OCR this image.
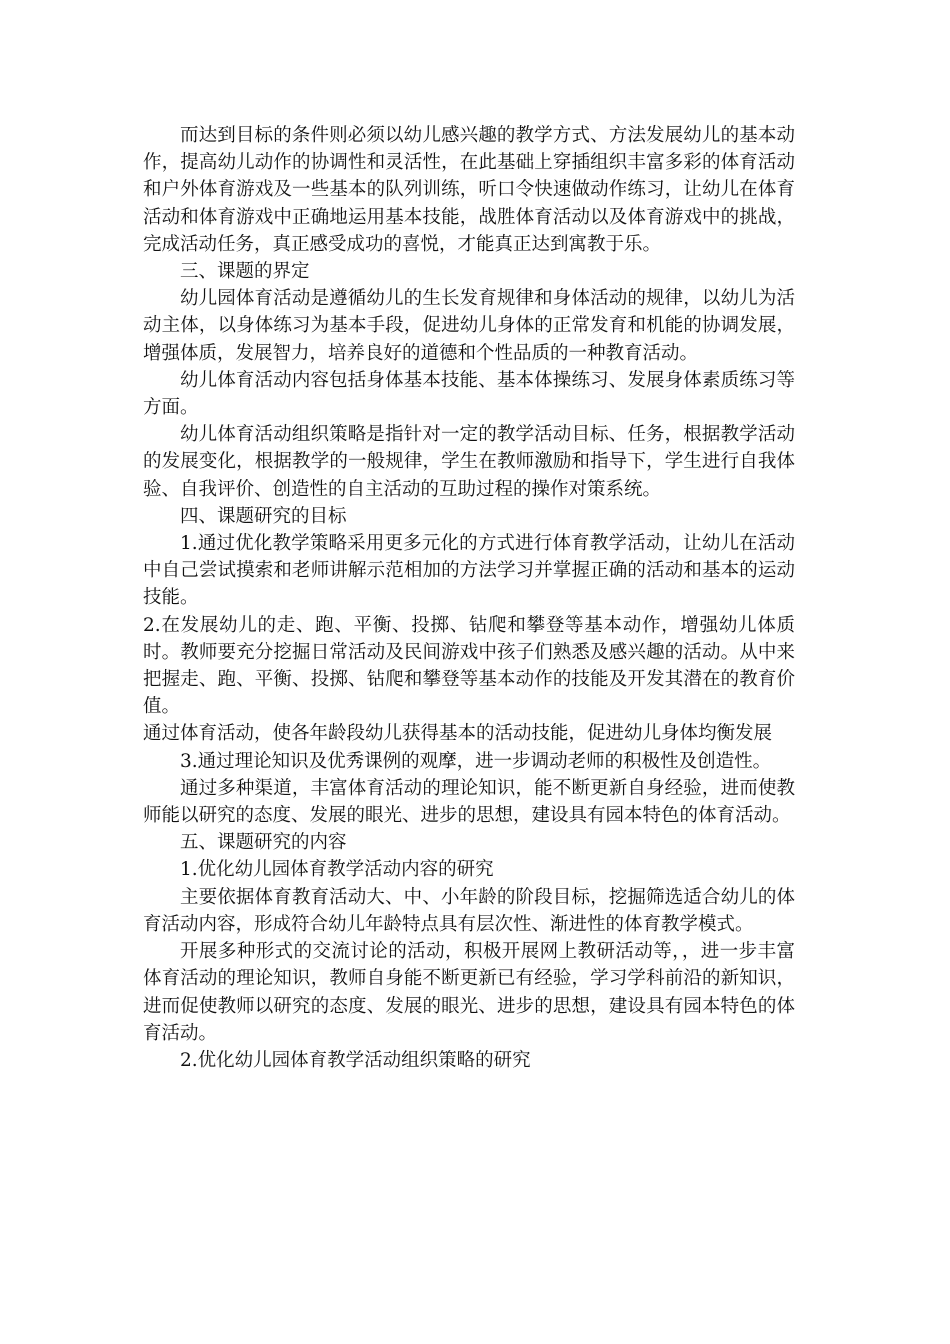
而达到目标的条件则必须以幼儿感兴趣的教学方式、方法发展幼儿的基本动作，提高幼儿动作的协调性和灵活性，在此基础上穿插组织丰富多彩的体育活动和户外体育游戏及一些基本的队列训练，听口令快速做动作练习，让幼儿在体育活动和体育游戏中正确地运用基本技能，战胜体育活动以及体育游戏中的挑战，完成活动任务，真正感受成功的喜悦，才能真正达到寓教于乐。

三、课题的界定

幼儿园体育活动是遵循幼儿的生长发育规律和身体活动的规律，以幼儿为活动主体，以身体练习为基本手段，促进幼儿身体的正常发育和机能的协调发展，增强体质，发展智力，培养良好的道德和个性品质的一种教育活动。

幼儿体育活动内容包括身体基本技能、基本体操练习、发展身体素质练习等方面。

幼儿体育活动组织策略是指针对一定的教学活动目标、任务，根据教学活动的发展变化，根据教学的一般规律，学生在教师激励和指导下，学生进行自我体验、自我评价、创造性的自主活动的互助过程的操作对策系统。

四、课题研究的目标

1.通过优化教学策略采用更多元化的方式进行体育教学活动，让幼儿在活动中自己尝试摸索和老师讲解示范相加的方法学习并掌握正确的活动和基本的运动技能。

2.在发展幼儿的走、跑、平衡、投掷、钻爬和攀登等基本动作，增强幼儿体质时。教师要充分挖掘日常活动及民间游戏中孩子们熟悉及感兴趣的活动。从中来把握走、跑、平衡、投掷、钻爬和攀登等基本动作的技能及开发其潜在的教育价值。

通过体育活动，使各年龄段幼儿获得基本的活动技能，促进幼儿身体均衡发展

3.通过理论知识及优秀课例的观摩，进一步调动老师的积极性及创造性。

通过多种渠道，丰富体育活动的理论知识，能不断更新自身经验，进而使教师能以研究的态度、发展的眼光、进步的思想，建设具有园本特色的体育活动。

五、课题研究的内容

1.优化幼儿园体育教学活动内容的研究

主要依据体育教育活动大、中、小年龄的阶段目标，挖掘筛选适合幼儿的体育活动内容，形成符合幼儿年龄特点具有层次性、渐进性的体育教学模式。

开展多种形式的交流讨论的活动，积极开展网上教研活动等，，进一步丰富体育活动的理论知识，教师自身能不断更新已有经验，学习学科前沿的新知识，进而促使教师以研究的态度、发展的眼光、进步的思想，建设具有园本特色的体育活动。

2.优化幼儿园体育教学活动组织策略的研究
